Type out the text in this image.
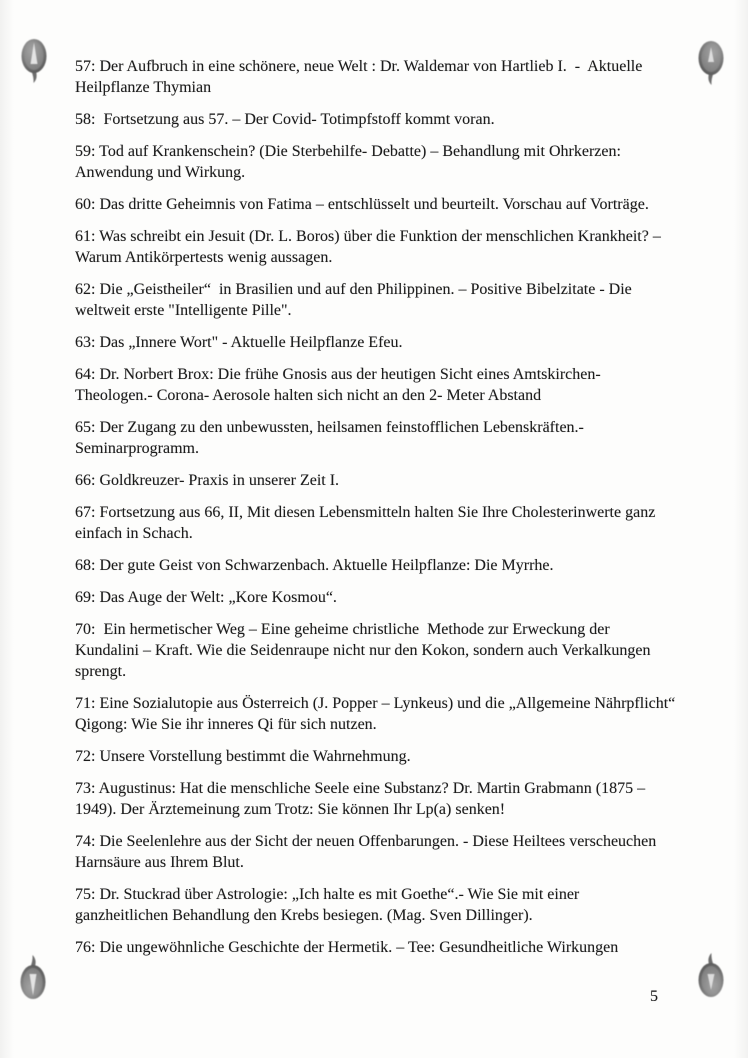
57: Der Aufbruch in eine schönere, neue Welt : Dr. Waldemar von Hartlieb I.  -  Aktuelle Heilpflanze Thymian

58:  Fortsetzung aus 57. – Der Covid- Totimpfstoff kommt voran.

59: Tod auf Krankenschein? (Die Sterbehilfe- Debatte) – Behandlung mit Ohrkerzen: Anwendung und Wirkung.

60: Das dritte Geheimnis von Fatima – entschlüsselt und beurteilt. Vorschau auf Vorträge.

61: Was schreibt ein Jesuit (Dr. L. Boros) über die Funktion der menschlichen Krankheit? – Warum Antikörpertests wenig aussagen.

62: Die „Geistheiler“  in Brasilien und auf den Philippinen. – Positive Bibelzitate - Die weltweit erste "Intelligente Pille".

63: Das „Innere Wort" - Aktuelle Heilpflanze Efeu.

64: Dr. Norbert Brox: Die frühe Gnosis aus der heutigen Sicht eines Amtskirchen- Theologen.- Corona- Aerosole halten sich nicht an den 2- Meter Abstand

65: Der Zugang zu den unbewussten, heilsamen feinstofflichen Lebenskräften.- Seminarprogramm.

66: Goldkreuzer- Praxis in unserer Zeit I.

67: Fortsetzung aus 66, II, Mit diesen Lebensmitteln halten Sie Ihre Cholesterinwerte ganz einfach in Schach.

68: Der gute Geist von Schwarzenbach. Aktuelle Heilpflanze: Die Myrrhe.

69: Das Auge der Welt: „Kore Kosmou“.

70:  Ein hermetischer Weg – Eine geheime christliche  Methode zur Erweckung der Kundalini – Kraft. Wie die Seidenraupe nicht nur den Kokon, sondern auch Verkalkungen sprengt.

71: Eine Sozialutopie aus Österreich (J. Popper – Lynkeus) und die „Allgemeine Nährpflicht“ Qigong: Wie Sie ihr inneres Qi für sich nutzen.

72: Unsere Vorstellung bestimmt die Wahrnehmung.

73: Augustinus: Hat die menschliche Seele eine Substanz? Dr. Martin Grabmann (1875 – 1949). Der Ärztemeinung zum Trotz: Sie können Ihr Lp(a) senken!

74: Die Seelenlehre aus der Sicht der neuen Offenbarungen. - Diese Heiltees verscheuchen Harnsäure aus Ihrem Blut.

75: Dr. Stuckrad über Astrologie: „Ich halte es mit Goethe“.- Wie Sie mit einer ganzheitlichen Behandlung den Krebs besiegen. (Mag. Sven Dillinger).

76: Die ungewöhnliche Geschichte der Hermetik. – Tee: Gesundheitliche Wirkungen

5
